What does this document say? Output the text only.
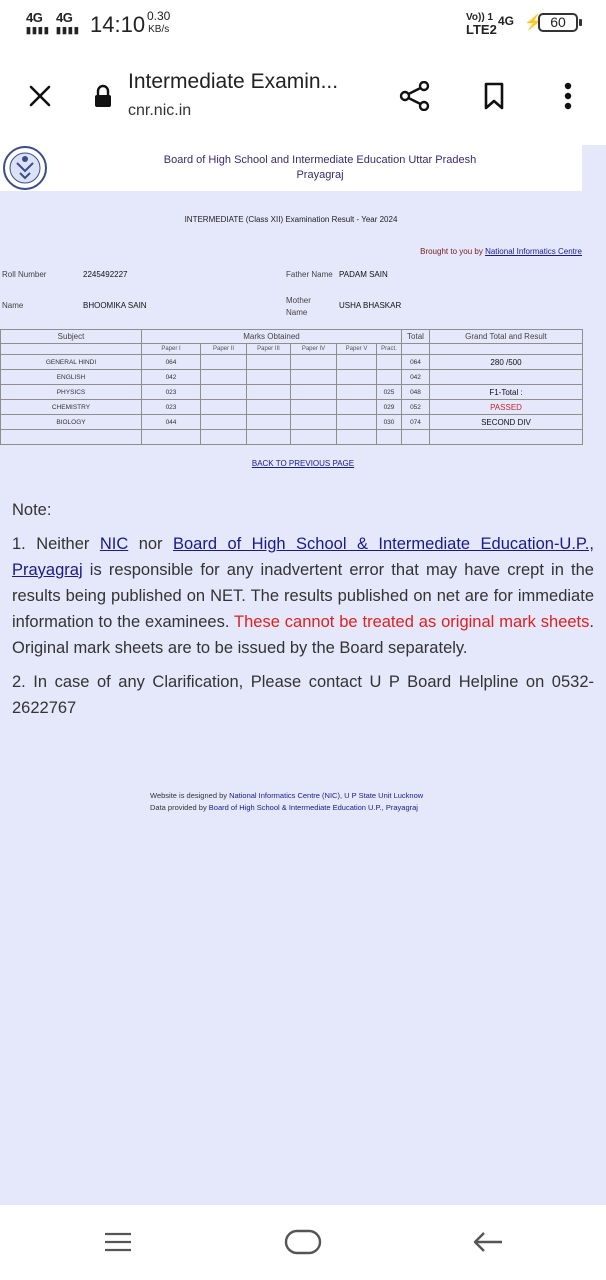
4G
▮▮▮▮
4G
▮▮▮▮ 14:10 0.30
KB/s
Vo)) 1
LTE2
4G ⚡ 60
Intermediate Examin...
cnr.nic.in
Board of High School and Intermediate Education Uttar Pradesh
Prayagraj
INTERMEDIATE (Class XII) Examination Result - Year 2024
Brought to you by National Informatics Centre
Roll Number	2245492227	Father Name PADAM SAIN
Name	BHOOMIKA SAIN
Mother
Name
USHA BHASKAR
Subject	Marks Obtained						Total	Grand Total and Result
	Paper I	Paper II	Paper III	Paper IV	Paper V	Pract.		
GENERAL HINDI	064						064	280 /500
ENGLISH	042						042	
PHYSICS	023					025	048	F1-Total :
CHEMISTRY	023					029	052	PASSED
BIOLOGY	044					030	074	SECOND DIV

BACK TO PREVIOUS PAGE

Note:

1. Neither NIC nor Board of High School & Intermediate Education-U.P., Prayagraj is responsible for any inadvertent error that may have crept in the results being published on NET. The results published on net are for immediate information to the examinees. These cannot be treated as original mark sheets. Original mark sheets are to be issued by the Board separately.

2. In case of any Clarification, Please contact U P Board Helpline on 0532-2622767

Website is designed by National Informatics Centre (NIC), U P State Unit Lucknow
Data provided by Board of High School & Intermediate Education U.P., Prayagraj
